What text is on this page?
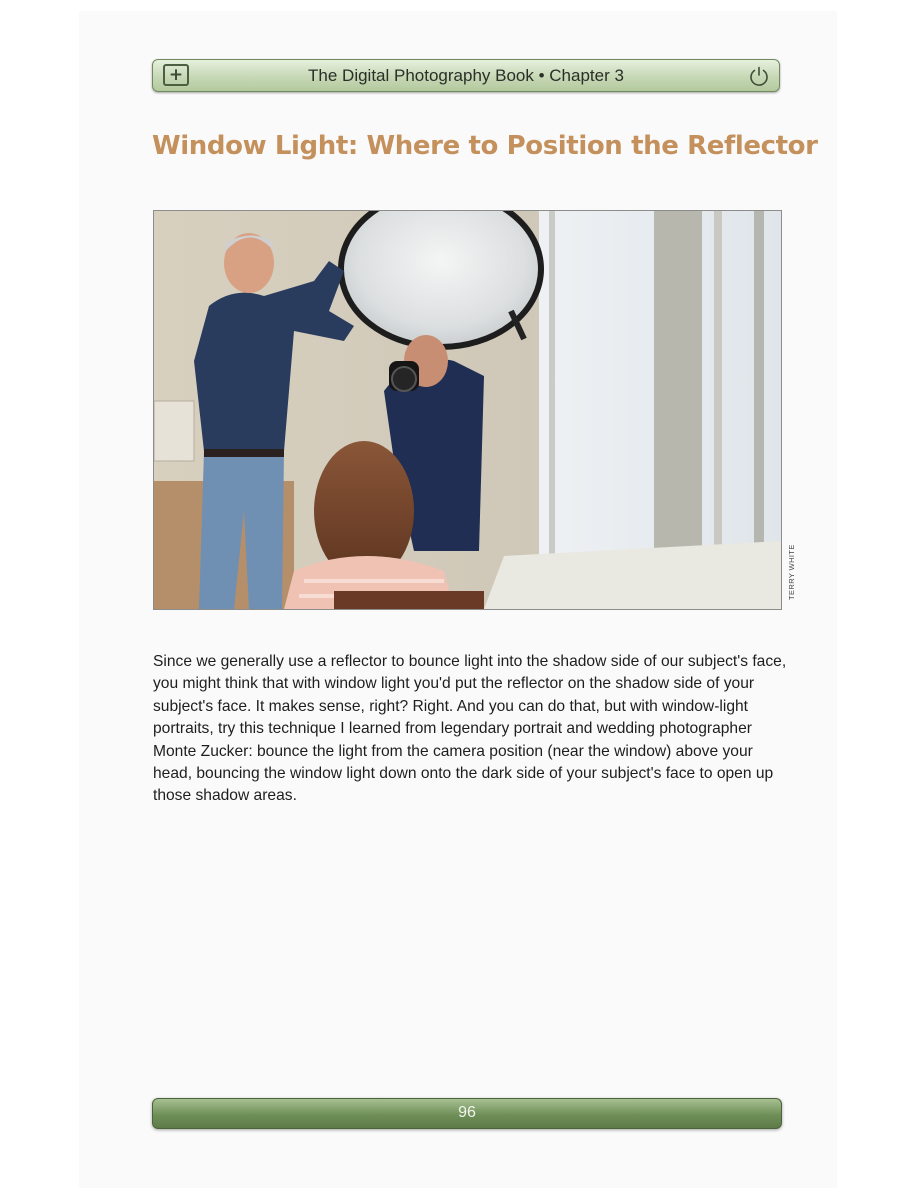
+	The Digital Photography Book • Chapter 3
Window Light: Where to Position the Reflector
TERRY WHITE
Since we generally use a reflector to bounce light into the shadow side of our subject's face, you might think that with window light you'd put the reflector on the shadow side of your subject's face. It makes sense, right? Right. And you can do that, but with window-light portraits, try this technique I learned from legendary portrait and wedding photographer Monte Zucker: bounce the light from the camera position (near the window) above your head, bouncing the window light down onto the dark side of your subject's face to open up those shadow areas.
96
